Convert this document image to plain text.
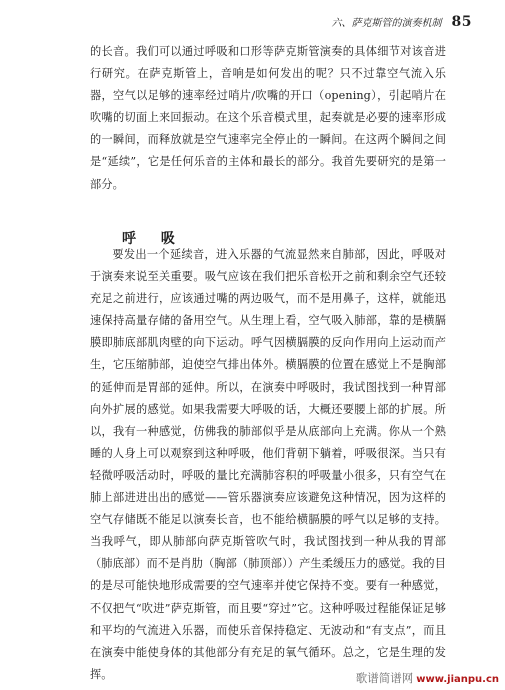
六、萨克斯管的演奏机制 85

的长音。我们可以通过呼吸和口形等萨克斯管演奏的具体细节对该音进行研究。在萨克斯管上，音响是如何发出的呢？只不过靠空气流入乐器，空气以足够的速率经过哨片/吹嘴的开口（opening），引起哨片在吹嘴的切面上来回振动。在这个乐音模式里，起奏就是必要的速率形成的一瞬间，而释放就是空气速率完全停止的一瞬间。在这两个瞬间之间是“延续”，它是任何乐音的主体和最长的部分。我首先要研究的是第一部分。

呼 吸

要发出一个延续音，进入乐器的气流显然来自肺部，因此，呼吸对于演奏来说至关重要。吸气应该在我们把乐音松开之前和剩余空气还较充足之前进行，应该通过嘴的两边吸气，而不是用鼻子，这样，就能迅速保持高量存储的备用空气。从生理上看，空气吸入肺部，靠的是横膈膜即肺底部肌肉壁的向下运动。呼气因横膈膜的反向作用向上运动而产生，它压缩肺部，迫使空气排出体外。横膈膜的位置在感觉上不是胸部的延伸而是胃部的延伸。所以，在演奏中呼吸时，我试图找到一种胃部向外扩展的感觉。如果我需要大呼吸的话，大概还要腰上部的扩展。所以，我有一种感觉，仿佛我的肺部似乎是从底部向上充满。你从一个熟睡的人身上可以观察到这种呼吸，他们背朝下躺着，呼吸很深。当只有轻微呼吸活动时，呼吸的量比充满肺容积的呼吸量小很多，只有空气在肺上部进进出出的感觉——管乐器演奏应该避免这种情况，因为这样的空气存储既不能足以演奏长音，也不能给横膈膜的呼气以足够的支持。当我呼气，即从肺部向萨克斯管吹气时，我试图找到一种从我的胃部（肺底部）而不是肖肋（胸部（肺顶部））产生柔缓压力的感觉。我的目的是尽可能快地形成需要的空气速率并使它保持不变。要有一种感觉，不仅把气“吹进”萨克斯管，而且要“穿过”它。这种呼吸过程能保证足够和平均的气流进入乐器，而使乐音保持稳定、无波动和“有支点”，而且在演奏中能使身体的其他部分有充足的氧气循环。总之，它是生理的发挥。	歌谱简谱网 www.jianpu.cn
